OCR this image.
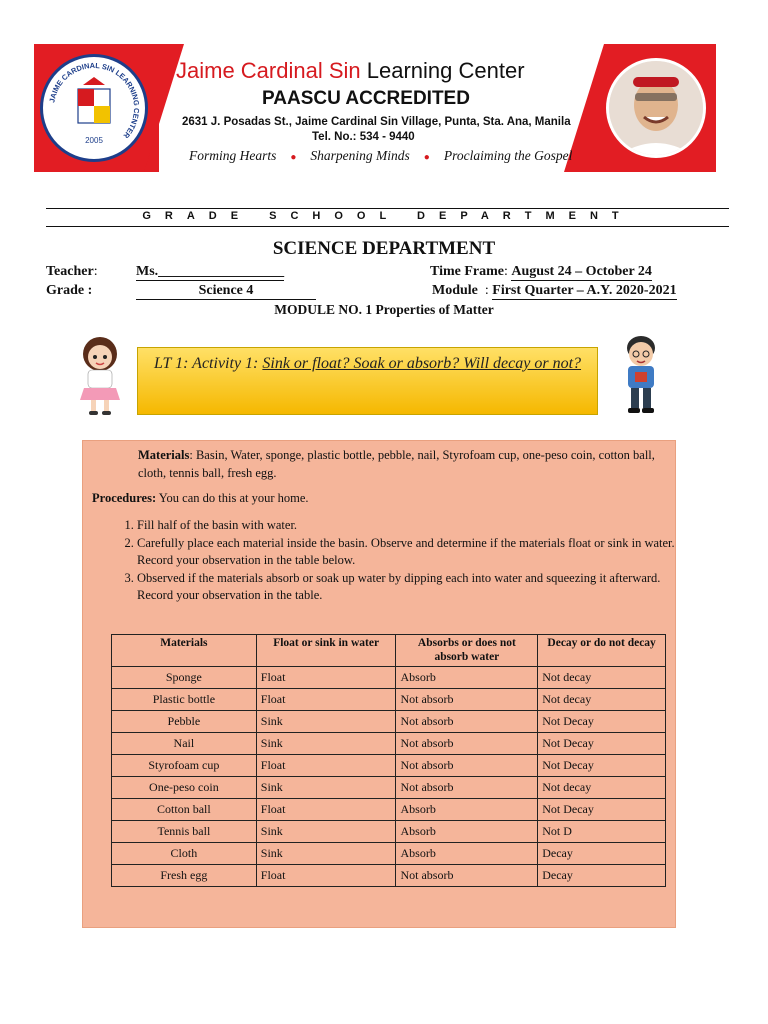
JAIME CARDINAL SIN LEARNING CENTER
2005
Jaime Cardinal Sin Learning Center
PAASCU ACCREDITED
2631 J. Posadas St., Jaime Cardinal Sin Village, Punta, Sta. Ana, Manila
Tel. No.: 534 - 9440
Forming Hearts ● Sharpening Minds ● Proclaiming the Gospel
GRADE SCHOOL DEPARTMENT
SCIENCE DEPARTMENT
Teacher:	Ms.__________________
Grade :	Science 4
Time Frame: August 24 – October 24
Module  : First Quarter – A.Y. 2020-2021
MODULE NO. 1 Properties of Matter
LT 1: Activity 1: Sink or float? Soak or absorb? Will decay or not?
Materials: Basin, Water, sponge, plastic bottle, pebble, nail, Styrofoam cup, one-peso coin, cotton ball, cloth, tennis ball, fresh egg.
Procedures: You can do this at your home.
1. Fill half of the basin with water.
2. Carefully place each material inside the basin. Observe and determine if the materials float or sink in water. Record your observation in the table below.
3. Observed if the materials absorb or soak up water by dipping each into water and squeezing it afterward. Record your observation in the table.
Materials	Float or sink in water	Absorbs or does not absorb water	Decay or do not decay
Sponge	Float	Absorb	Not decay
Plastic bottle	Float	Not absorb	Not decay
Pebble	Sink	Not absorb	Not Decay
Nail	Sink	Not absorb	Not Decay
Styrofoam cup	Float	Not absorb	Not Decay
One-peso coin	Sink	Not absorb	Not decay
Cotton ball	Float	Absorb	Not Decay
Tennis ball	Sink	Absorb	Not D
Cloth	Sink	Absorb	Decay
Fresh egg	Float	Not absorb	Decay
